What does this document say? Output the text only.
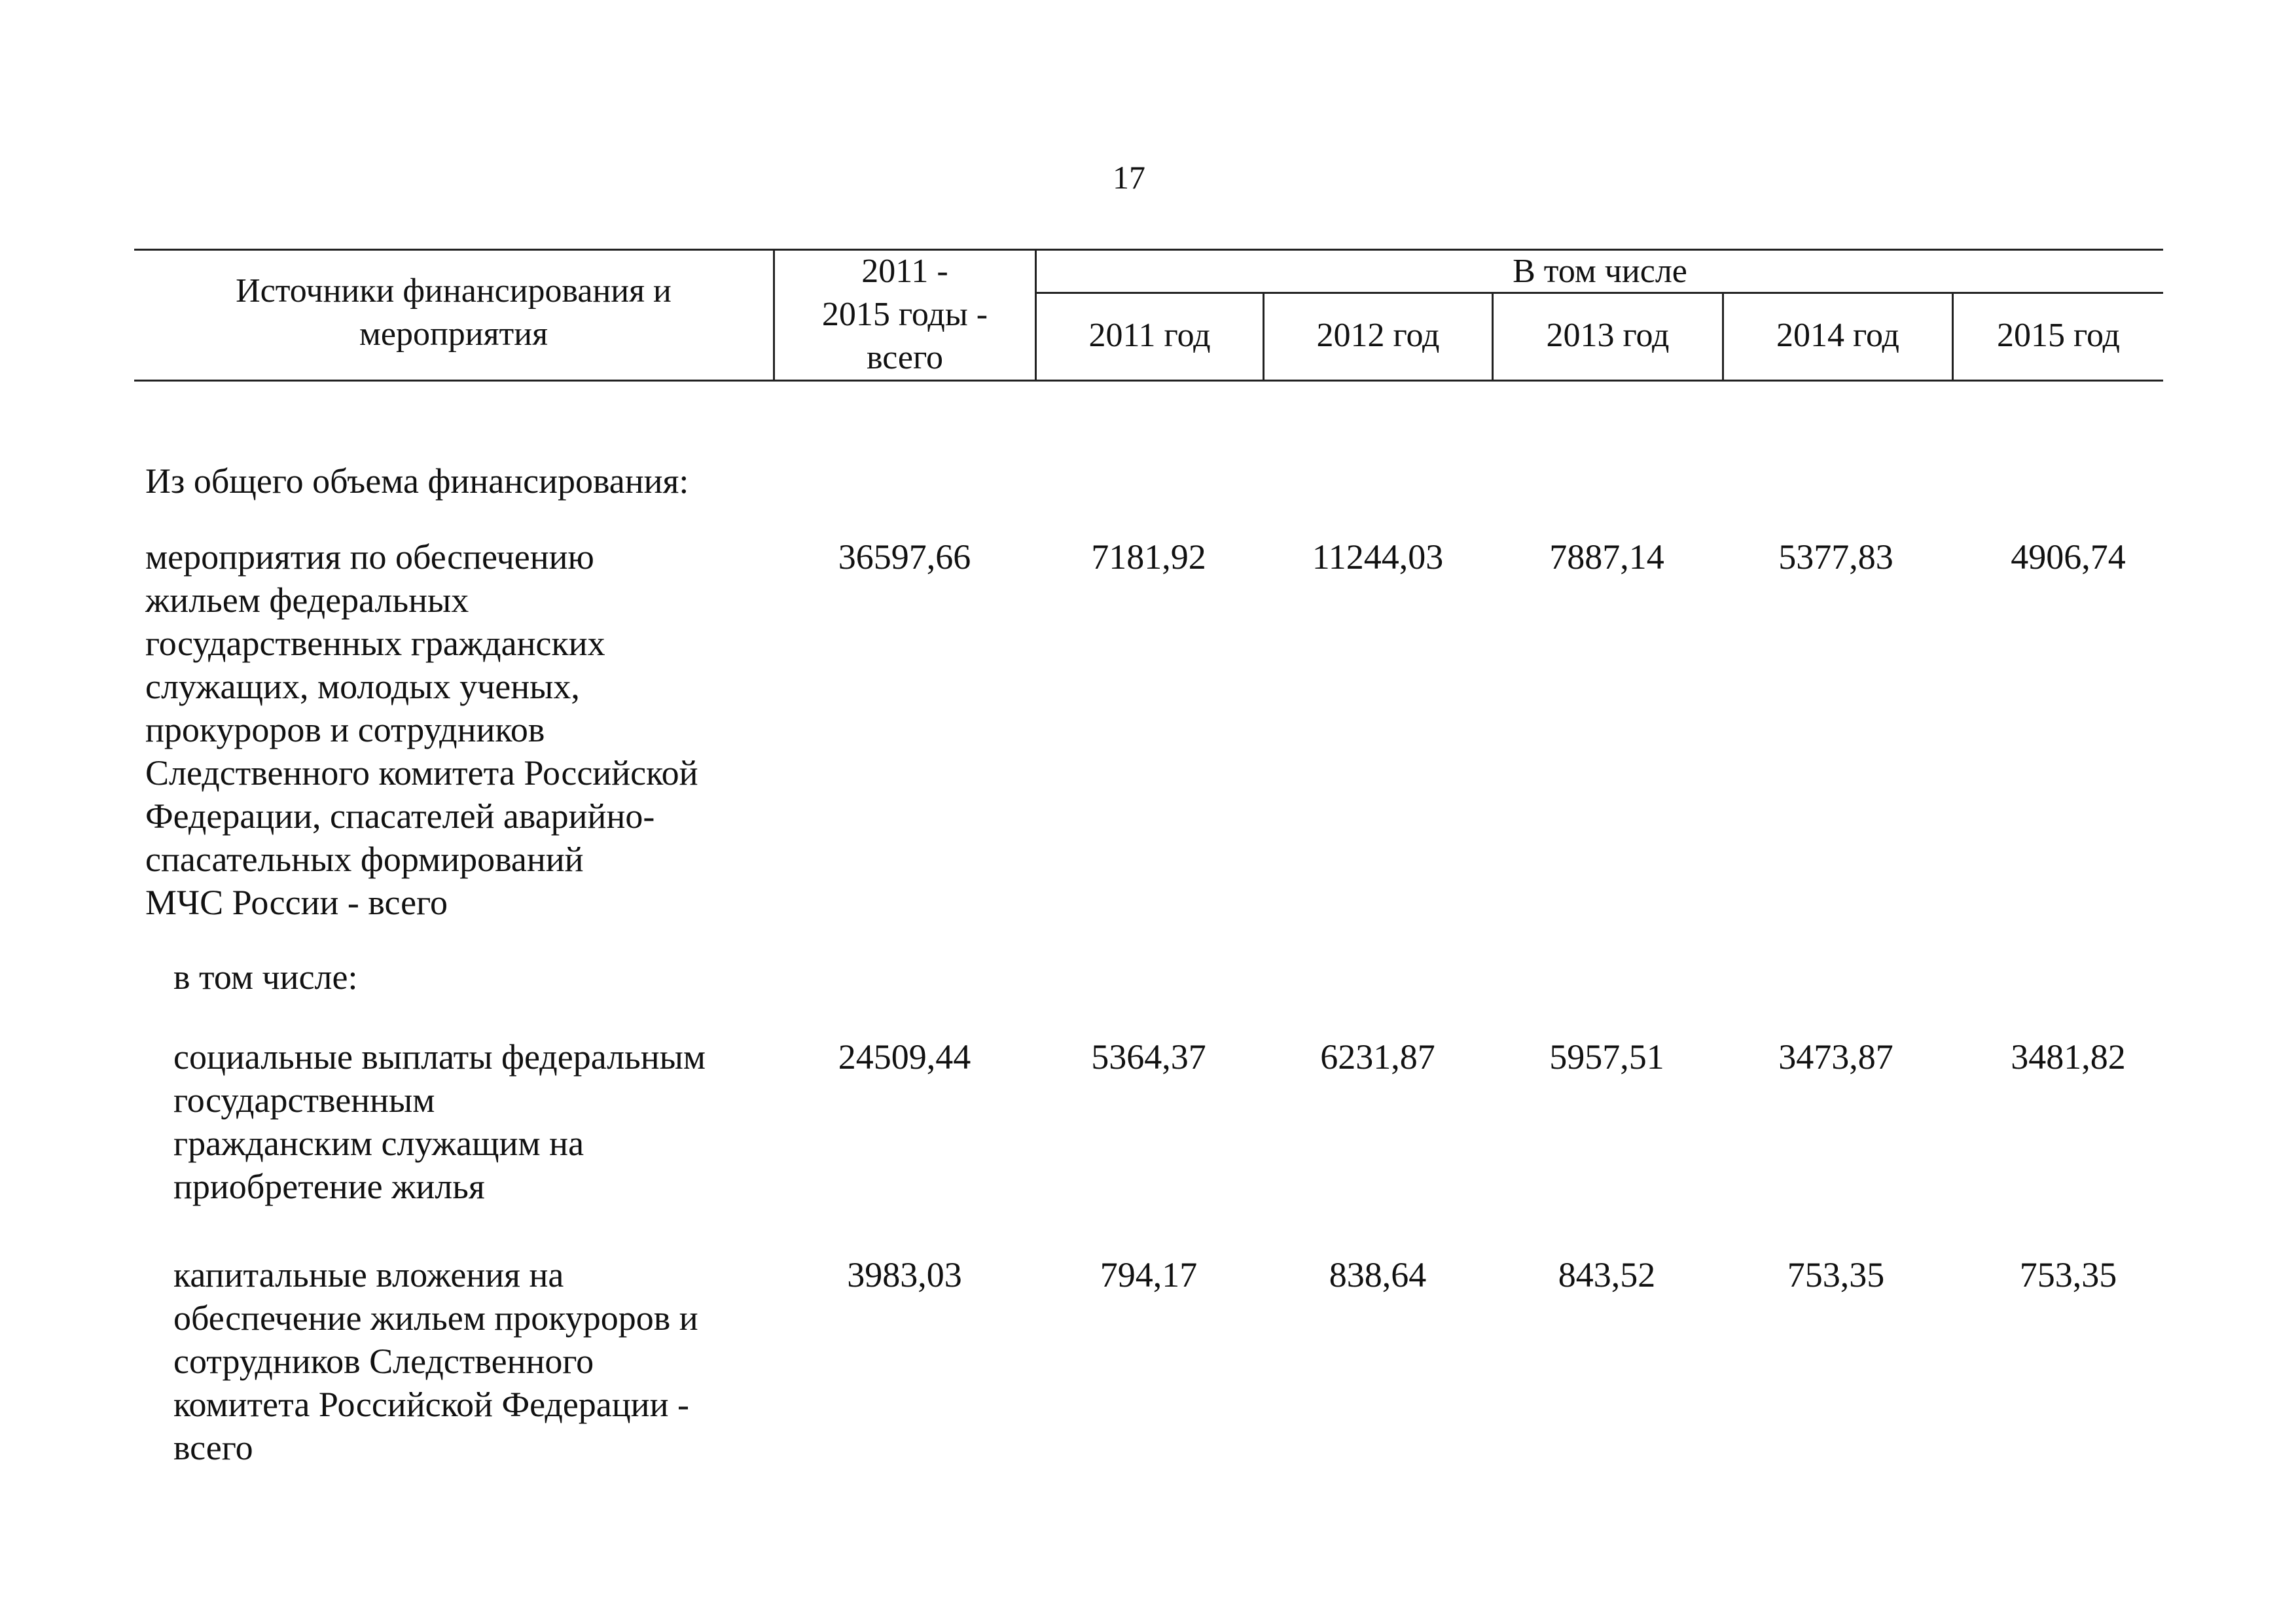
17
Источники финансирования и
мероприятия
2011 -
2015 годы -
всего
В том числе
2011 год	2012 год	2013 год	2014 год	2015 год
Из общего объема финансирования:
мероприятия по обеспечению
жильем федеральных
государственных гражданских
служащих, молодых ученых,
прокуроров и сотрудников
Следственного комитета Российской
Федерации, спасателей аварийно-
спасательных формирований
МЧС России - всего
36597,66	7181,92	11244,03	7887,14	5377,83	4906,74
в том числе:
социальные выплаты федеральным
государственным
гражданским служащим на
приобретение жилья
24509,44	5364,37	6231,87	5957,51	3473,87	3481,82
капитальные вложения на
обеспечение жильем прокуроров и
сотрудников Следственного
комитета Российской Федерации -
всего
3983,03	794,17	838,64	843,52	753,35	753,35
